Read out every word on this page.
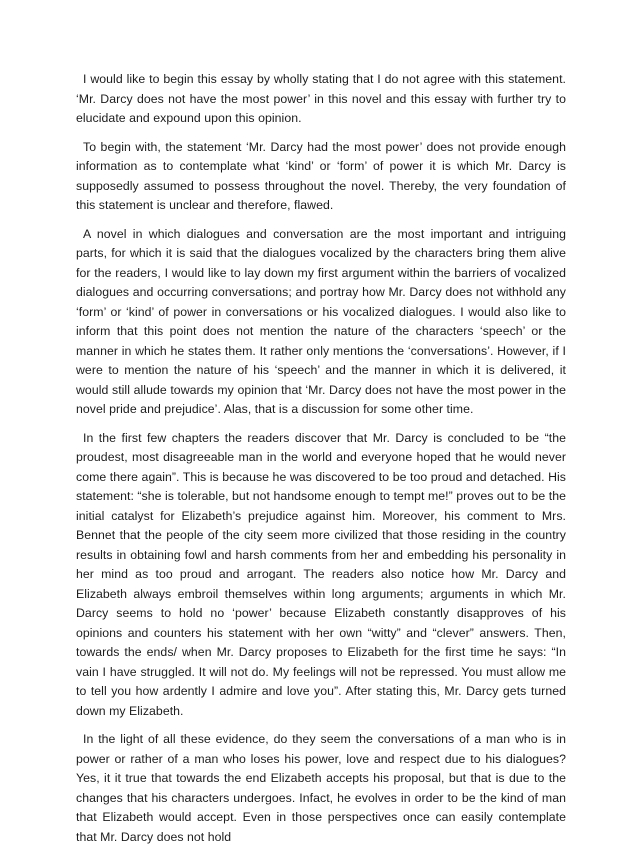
I would like to begin this essay by wholly stating that I do not agree with this statement. ‘Mr. Darcy does not have the most power’ in this novel and this essay with further try to elucidate and expound upon this opinion.

To begin with, the statement ‘Mr. Darcy had the most power’ does not provide enough information as to contemplate what ‘kind’ or ‘form’ of power it is which Mr. Darcy is supposedly assumed to possess throughout the novel. Thereby, the very foundation of this statement is unclear and therefore, flawed.

A novel in which dialogues and conversation are the most important and intriguing parts, for which it is said that the dialogues vocalized by the characters bring them alive for the readers, I would like to lay down my first argument within the barriers of vocalized dialogues and occurring conversations; and portray how Mr. Darcy does not withhold any ‘form’ or ‘kind’ of power in conversations or his vocalized dialogues. I would also like to inform that this point does not mention the nature of the characters ‘speech’ or the manner in which he states them. It rather only mentions the ‘conversations’. However, if I were to mention the nature of his ‘speech’ and the manner in which it is delivered, it would still allude towards my opinion that ‘Mr. Darcy does not have the most power in the novel pride and prejudice’. Alas, that is a discussion for some other time.

In the first few chapters the readers discover that Mr. Darcy is concluded to be “the proudest, most disagreeable man in the world and everyone hoped that he would never come there again”. This is because he was discovered to be too proud and detached. His statement: “she is tolerable, but not handsome enough to tempt me!” proves out to be the initial catalyst for Elizabeth’s prejudice against him. Moreover, his comment to Mrs. Bennet that the people of the city seem more civilized that those residing in the country results in obtaining fowl and harsh comments from her and embedding his personality in her mind as too proud and arrogant. The readers also notice how Mr. Darcy and Elizabeth always embroil themselves within long arguments; arguments in which Mr. Darcy seems to hold no ‘power’ because Elizabeth constantly disapproves of his opinions and counters his statement with her own “witty” and “clever” answers. Then, towards the ends/ when Mr. Darcy proposes to Elizabeth for the first time he says: “In vain I have struggled. It will not do. My feelings will not be repressed. You must allow me to tell you how ardently I admire and love you”. After stating this, Mr. Darcy gets turned down my Elizabeth.

In the light of all these evidence, do they seem the conversations of a man who is in power or rather of a man who loses his power, love and respect due to his dialogues? Yes, it it true that towards the end Elizabeth accepts his proposal, but that is due to the changes that his characters undergoes. Infact, he evolves in order to be the kind of man that Elizabeth would accept. Even in those perspectives once can easily contemplate that Mr. Darcy does not hold
